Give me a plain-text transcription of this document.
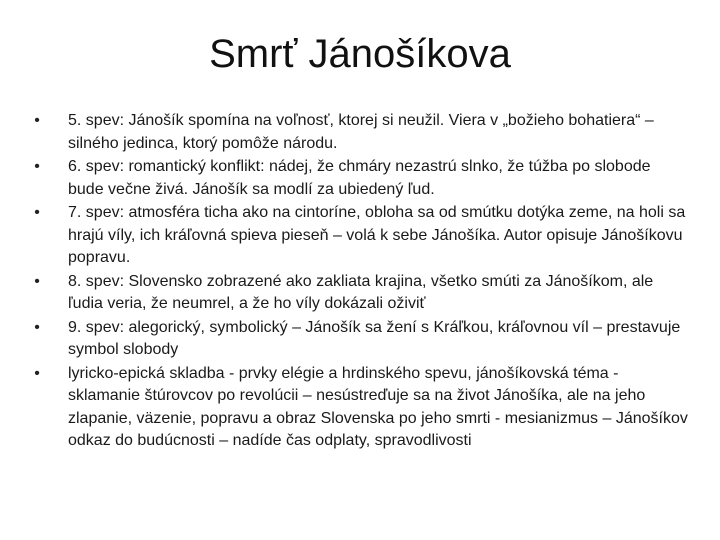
Smrť Jánošíkova
• 5. spev: Jánošík spomína na voľnosť, ktorej si neužil. Viera v „božieho bohatiera“ – silného jedinca, ktorý pomôže národu.
• 6. spev: romantický konflikt: nádej, že chmáry nezastrú slnko, že túžba po slobode bude večne živá. Jánošík sa modlí za ubiedený ľud.
• 7. spev: atmosféra ticha ako na cintoríne, obloha sa od smútku dotýka zeme, na holi sa hrajú víly, ich kráľovná spieva pieseň – volá k sebe Jánošíka. Autor opisuje Jánošíkovu popravu.
• 8. spev: Slovensko zobrazené ako zakliata krajina, všetko smúti za Jánošíkom, ale ľudia veria, že neumrel, a že ho víly dokázali oživiť
• 9. spev: alegorický, symbolický – Jánošík sa žení s Kráľkou, kráľovnou víl – prestavuje symbol slobody
• lyricko-epická skladba - prvky elégie a hrdinského spevu, jánošíkovská téma - sklamanie štúrovcov po revolúcii – nesústreďuje sa na život Jánošíka, ale na jeho zlapanie, väzenie, popravu a obraz Slovenska po jeho smrti - mesianizmus – Jánošíkov odkaz do budúcnosti – nadíde čas odplaty, spravodlivosti
